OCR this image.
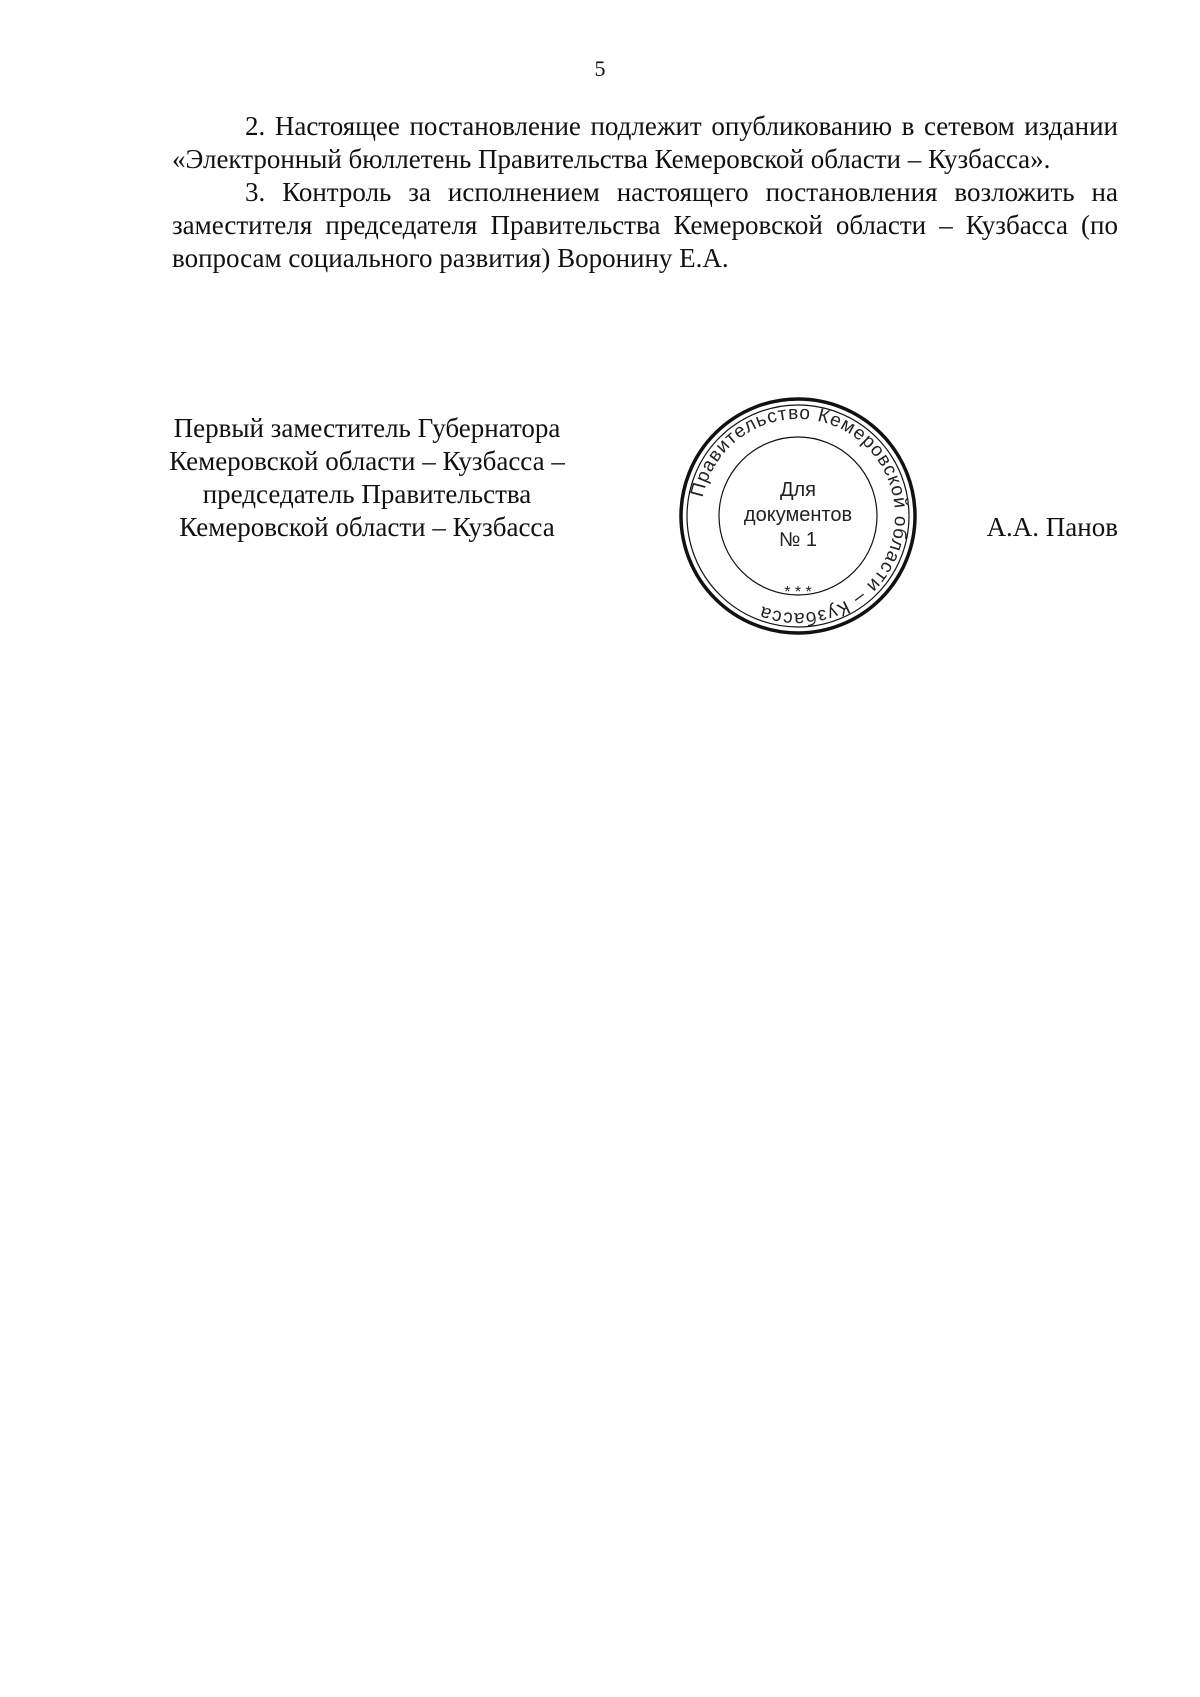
5

2. Настоящее постановление подлежит опубликованию в сетевом издании «Электронный бюллетень Правительства Кемеровской области – Кузбасса».

3. Контроль за исполнением настоящего постановления возложить на заместителя председателя Правительства Кемеровской области – Кузбасса (по вопросам социального развития) Воронину Е.А.

Первый заместитель Губернатора
Кемеровской области – Кузбасса –
председатель Правительства
Кемеровской области – Кузбасса
Правительство Кемеровской области – Кузбасса
* * *
Для
документов
№ 1	А.А. Панов
